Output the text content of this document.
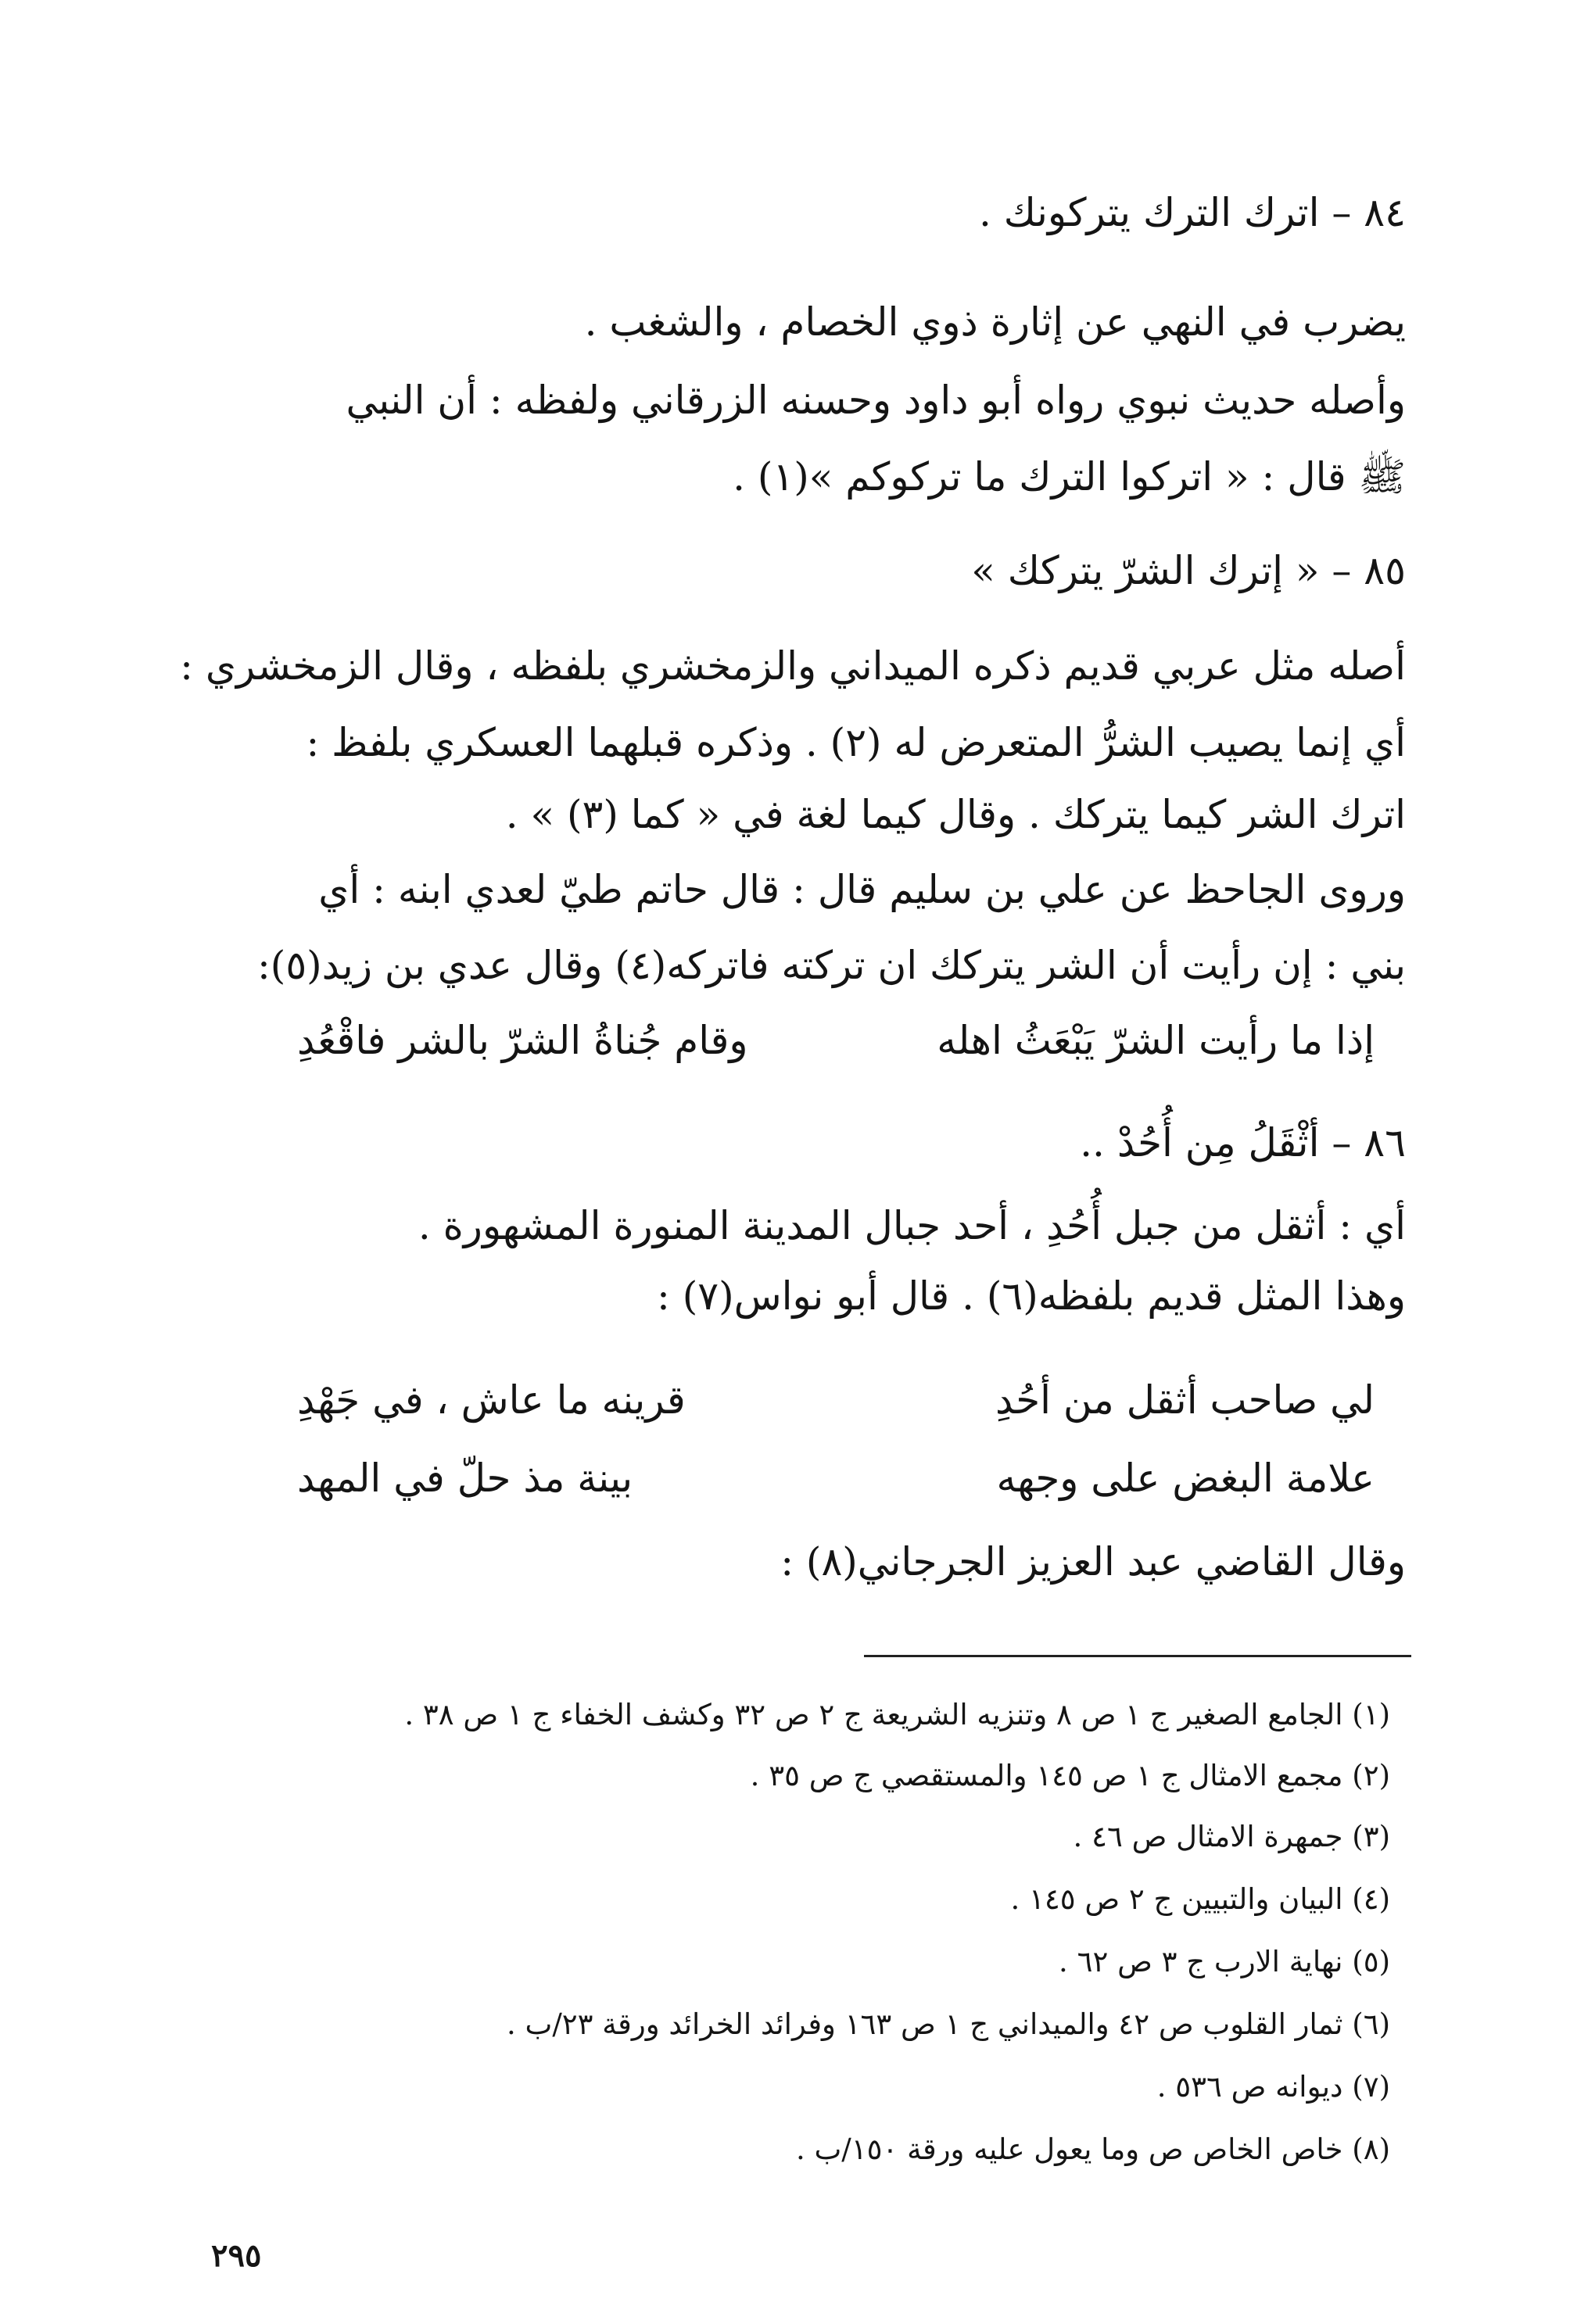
٨٤ – اترك الترك يتركونك .
يضرب في النهي عن إثارة ذوي الخصام ، والشغب .
وأصله حديث نبوي رواه أبو داود وحسنه الزرقاني ولفظه : أن النبي
ﷺ قال : « اتركوا الترك ما تركوكم »(١) .
٨٥ – « إترك الشرّ يتركك »
أصله مثل عربي قديم ذكره الميداني والزمخشري بلفظه ، وقال الزمخشري :
أي إنما يصيب الشرُّ المتعرض له (٢) . وذكره قبلهما العسكري بلفظ :
اترك الشر كيما يتركك . وقال كيما لغة في « كما (٣) » .
وروى الجاحظ عن علي بن سليم قال : قال حاتم طيّ لعدي ابنه : أي
بني : إن رأيت أن الشر يتركك ان تركته فاتركه(٤) وقال عدي بن زيد(٥):
إذا ما رأيت الشرّ يَبْعَثُ اهله
وقام جُناةُ الشرّ بالشر فاقْعُدِ
٨٦ – أثْقَلُ مِن أُحُدْ ..
أي : أثقل من جبل أُحُدِ ، أحد جبال المدينة المنورة المشهورة .
وهذا المثل قديم بلفظه(٦) . قال أبو نواس(٧) :
لي صاحب أثقل من أحُدِ
قرينه ما عاش ، في جَهْدِ
علامة البغض على وجهه
بينة مذ حلّ في المهد
وقال القاضي عبد العزيز الجرجاني(٨) :
(١) الجامع الصغير ج ١ ص ٨ وتنزيه الشريعة ج ٢ ص ٣٢ وكشف الخفاء ج ١ ص ٣٨ .
(٢) مجمع الامثال ج ١ ص ١٤٥ والمستقصي ج ص ٣٥ .
(٣) جمهرة الامثال ص ٤٦ .
(٤) البيان والتبيين ج ٢ ص ١٤٥ .
(٥) نهاية الارب ج ٣ ص ٦٢ .
(٦) ثمار القلوب ص ٤٢ والميداني ج ١ ص ١٦٣ وفرائد الخرائد ورقة ٢٣/ب .
(٧) ديوانه ص ٥٣٦ .
(٨) خاص الخاص ص وما يعول عليه ورقة ١٥٠/ب .
٢٩٥
